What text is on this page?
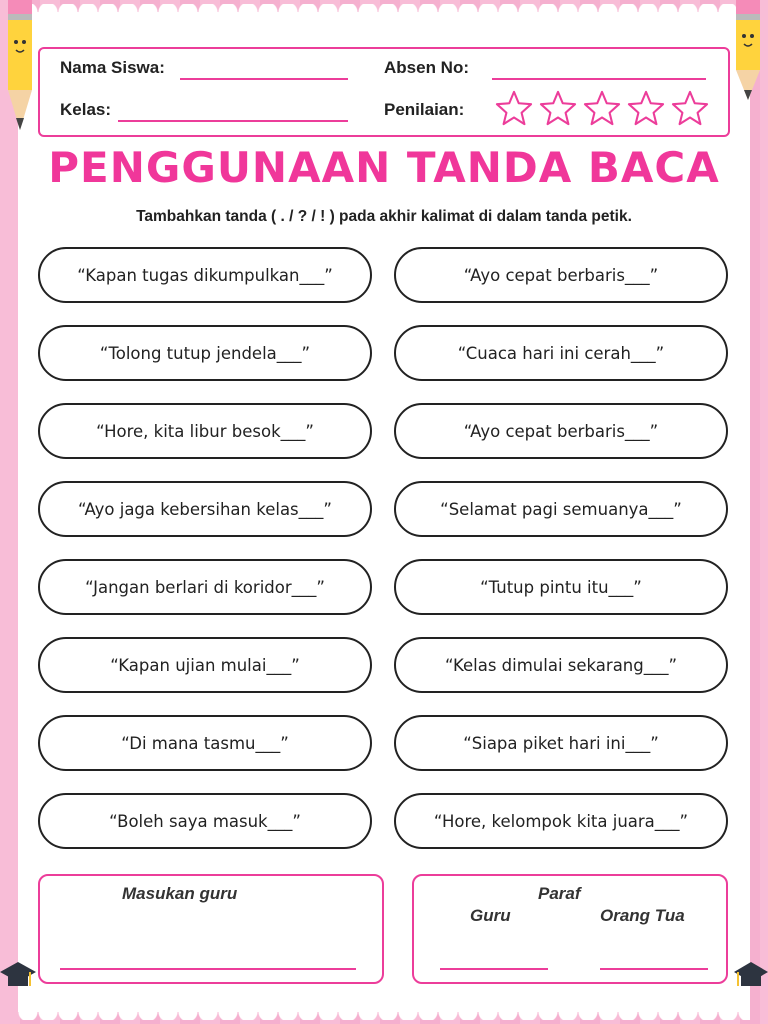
Nama Siswa:	Absen No:
Kelas:	Penilaian:
PENGGUNAAN TANDA BACA
Tambahkan tanda ( . / ? / ! ) pada akhir kalimat di dalam tanda petik.
“Kapan tugas dikumpulkan___”
“Tolong tutup jendela___”
“Hore, kita libur besok___”
“Ayo jaga kebersihan kelas___”
“Jangan berlari di koridor___”
“Kapan ujian mulai___”
“Di mana tasmu___”
“Boleh saya masuk___”
“Ayo cepat berbaris___”
“Cuaca hari ini cerah___”
“Ayo cepat berbaris___”
“Selamat pagi semuanya___”
“Tutup pintu itu___”
“Kelas dimulai sekarang___”
“Siapa piket hari ini___”
“Hore, kelompok kita juara___”
Masukan guru	Paraf
Guru	Orang Tua
